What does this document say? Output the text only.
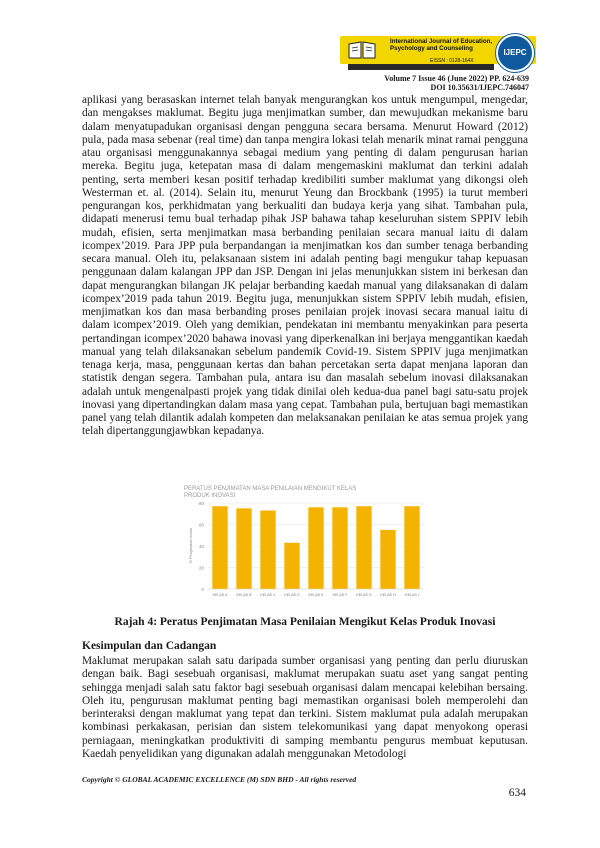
International Journal of Education, Psychology and Counseling
EISSN : 0128-164X
IJEPC
Volume 7 Issue 46 (June 2022) PP. 624-639
DOI 10.35631/IJEPC.746047

aplikasi yang berasaskan internet telah banyak mengurangkan kos untuk mengumpul, mengedar, dan mengakses maklumat. Begitu juga menjimatkan sumber, dan mewujudkan mekanisme baru dalam menyatupadukan organisasi dengan pengguna secara bersama. Menurut Howard (2012) pula, pada masa sebenar (real time) dan tanpa mengira lokasi telah menarik minat ramai pengguna atau organisasi menggunakannya sebagai medium yang penting di dalam pengurusan harian mereka. Begitu juga, ketepatan masa di dalam mengemaskini maklumat dan terkini adalah penting, serta memberi kesan positif terhadap kredibiliti sumber maklumat yang dikongsi oleh Westerman et. al. (2014). Selain itu, menurut Yeung dan Brockbank (1995) ia turut memberi pengurangan kos, perkhidmatan yang berkualiti dan budaya kerja yang sihat. Tambahan pula, didapati menerusi temu bual terhadap pihak JSP bahawa tahap keseluruhan sistem SPPIV lebih mudah, efisien, serta menjimatkan masa berbanding penilaian secara manual iaitu di dalam icompex’2019. Para JPP pula berpandangan ia menjimatkan kos dan sumber tenaga berbanding secara manual. Oleh itu, pelaksanaan sistem ini adalah penting bagi mengukur tahap kepuasan penggunaan dalam kalangan JPP dan JSP. Dengan ini jelas menunjukkan sistem ini berkesan dan dapat mengurangkan bilangan JK pelajar berbanding kaedah manual yang dilaksanakan di dalam icompex’2019 pada tahun 2019. Begitu juga, menunjukkan sistem SPPIV lebih mudah, efisien, menjimatkan kos dan masa berbanding proses penilaian projek inovasi secara manual iaitu di dalam icompex’2019. Oleh yang demikian, pendekatan ini membantu menyakinkan para peserta pertandingan icompex’2020 bahawa inovasi yang diperkenalkan ini berjaya menggantikan kaedah manual yang telah dilaksanakan sebelum pandemik Covid-19. Sistem SPPIV juga menjimatkan tenaga kerja, masa, penggunaan kertas dan bahan percetakan serta dapat menjana laporan dan statistik dengan segera. Tambahan pula, antara isu dan masalah sebelum inovasi dilaksanakan adalah untuk mengenalpasti projek yang tidak dinilai oleh kedua-dua panel bagi satu-satu projek inovasi yang dipertandingkan dalam masa yang cepat. Tambahan pula, bertujuan bagi memastikan panel yang telah dilantik adalah kompeten dan melaksanakan penilaian ke atas semua projek yang telah dipertanggungjawbkan kepadanya.

PERATUS PENJIMATAN MASA PENILAIAN MENGIKUT KELAS PRODUK INOVASI
0
20
40
60
80
% Penjimatan masa
KELAS A	KELAS B KELAS C KELAS D KELAS E	KELAS F KELAS G KELAS H	KELAS I
Rajah 4: Peratus Penjimatan Masa Penilaian Mengikut Kelas Produk Inovasi
Kesimpulan dan Cadangan

Maklumat merupakan salah satu daripada sumber organisasi yang penting dan perlu diuruskan dengan baik. Bagi sesebuah organisasi, maklumat merupakan suatu aset yang sangat penting sehingga menjadi salah satu faktor bagi sesebuah organisasi dalam mencapai kelebihan bersaing. Oleh itu, pengurusan maklumat penting bagi memastikan organisasi boleh memperolehi dan berinteraksi dengan maklumat yang tepat dan terkini. Sistem maklumat pula adalah merupakan kombinasi perkakasan, perisian dan sistem telekomunikasi yang dapat menyokong operasi perniagaan, meningkatkan produktiviti di samping membantu pengurus membuat keputusan. Kaedah penyelidikan yang digunakan adalah menggunakan Metodologi

Copyright © GLOBAL ACADEMIC EXCELLENCE (M) SDN BHD - All rights reserved
634
